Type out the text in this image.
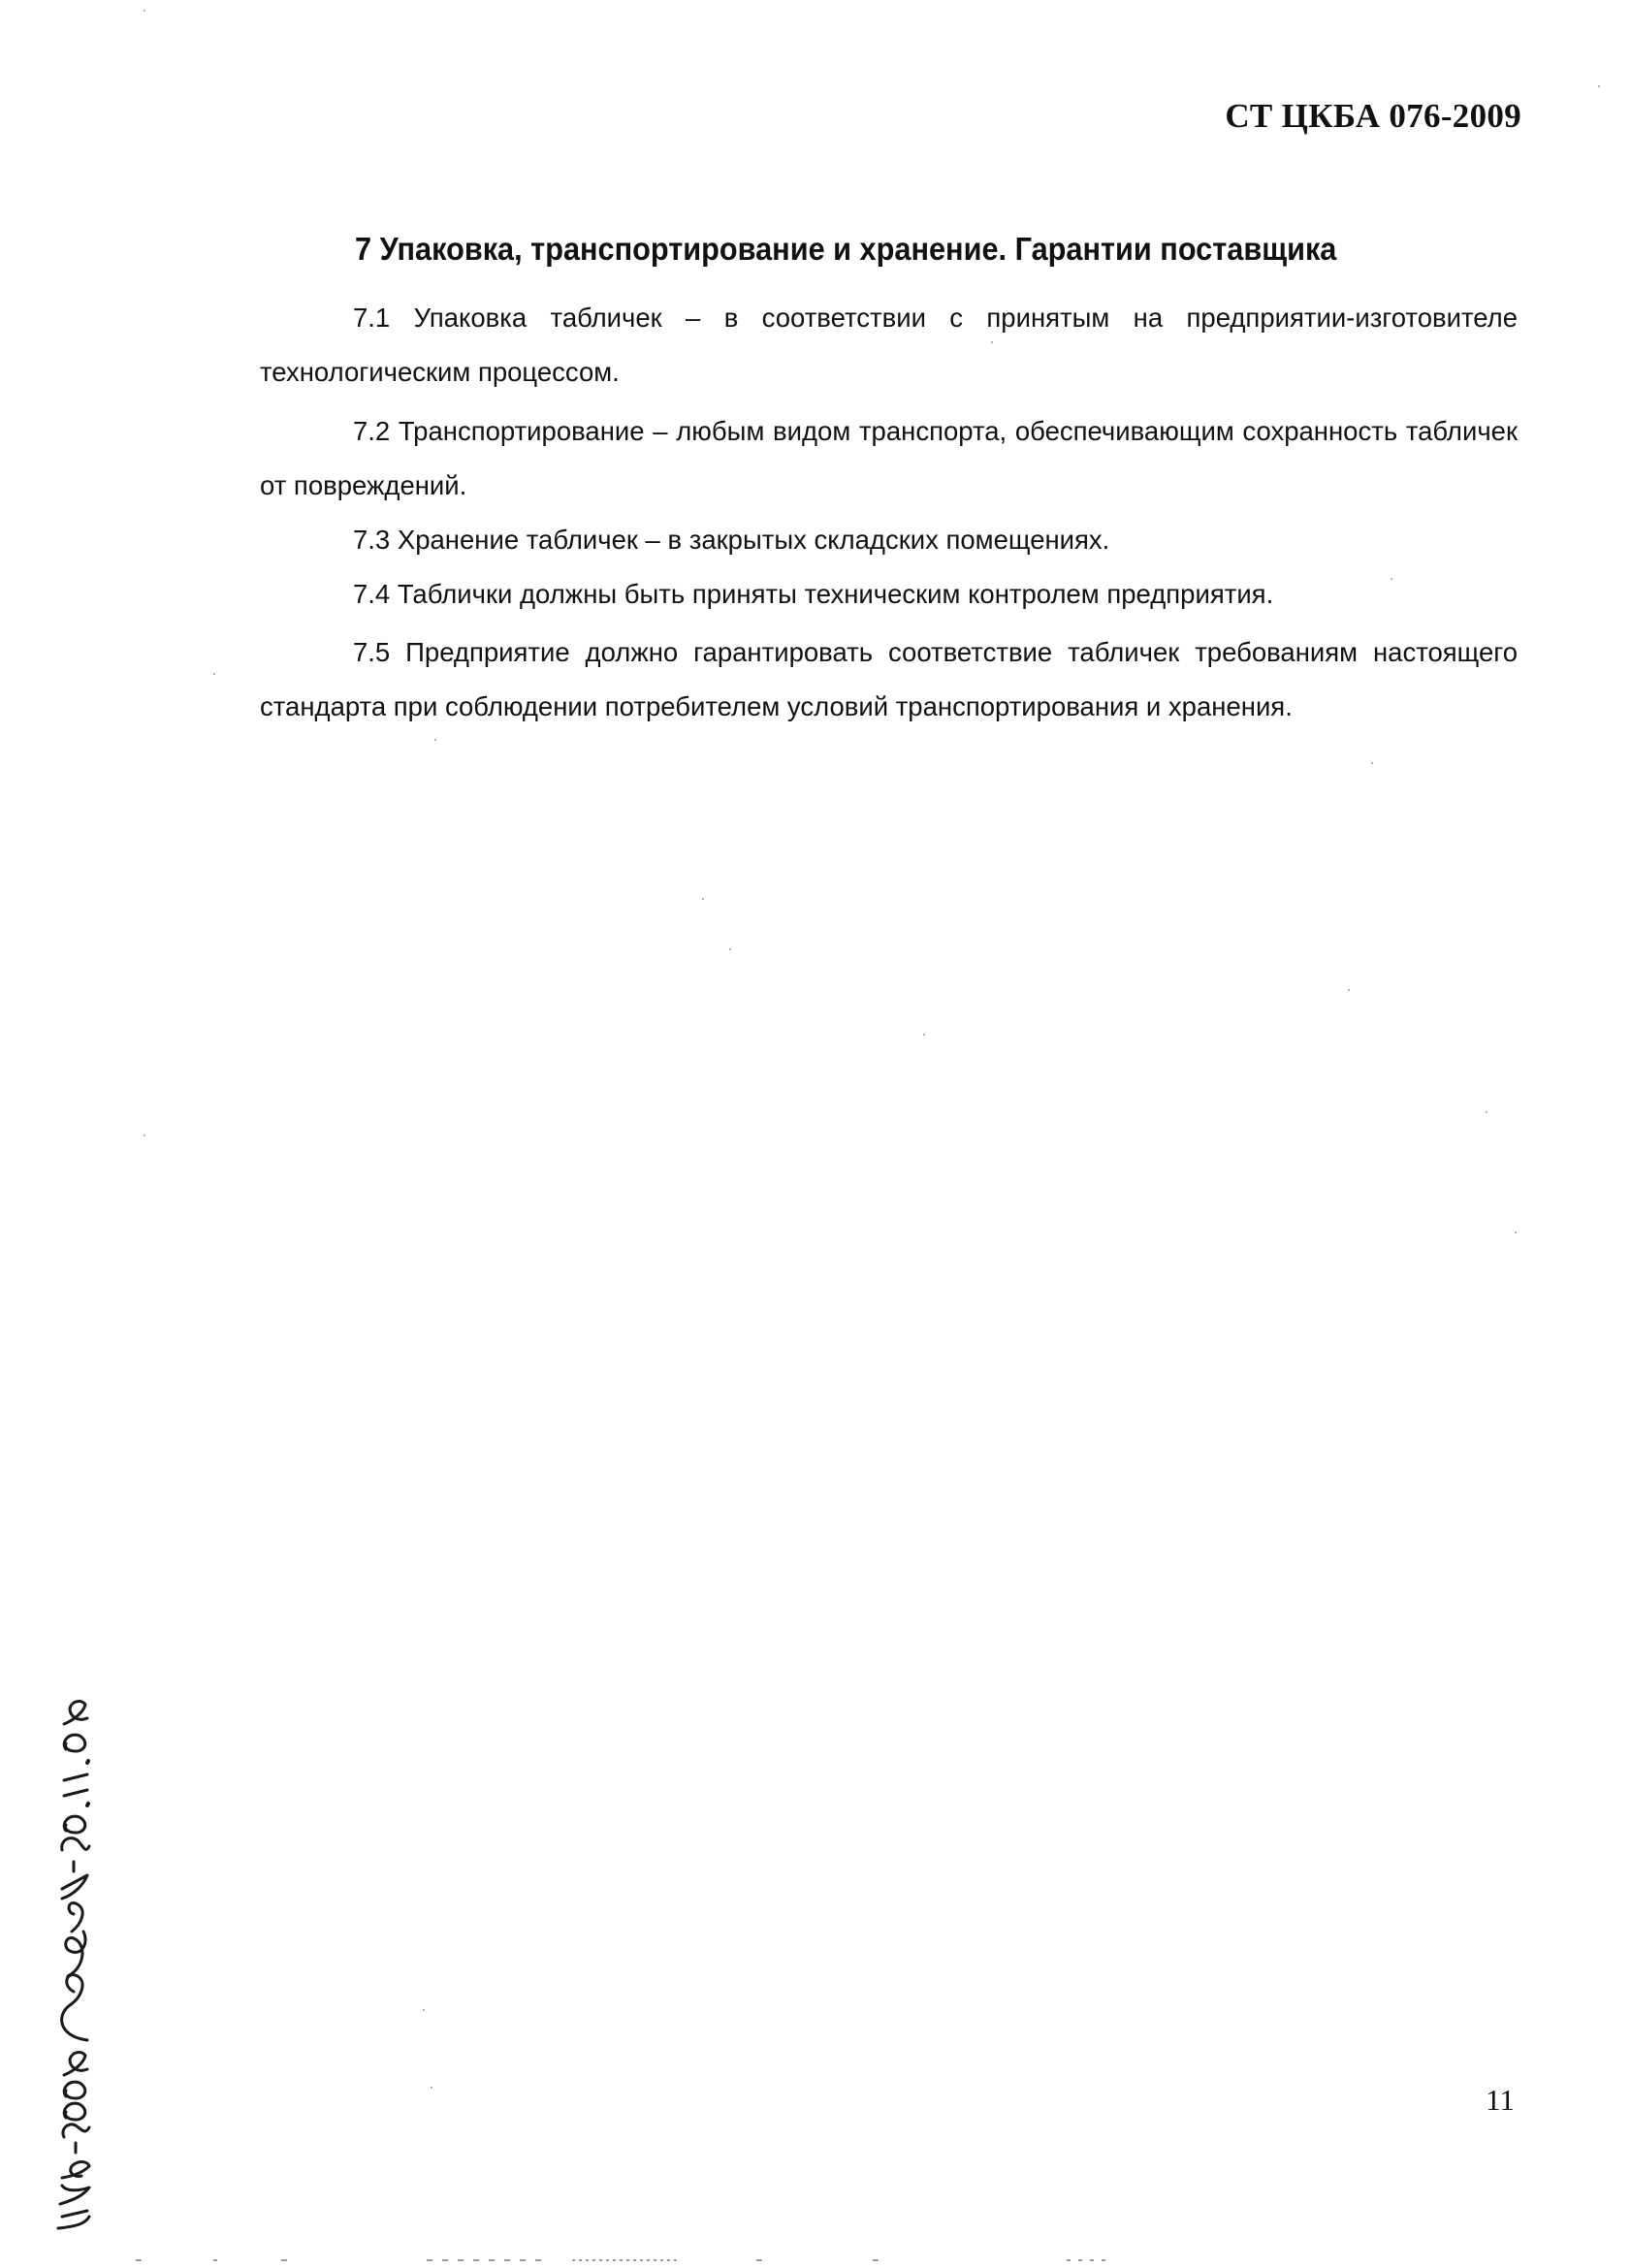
СТ ЦКБА 076-2009
7 Упаковка, транспортирование и хранение. Гарантии поставщика

7.1 Упаковка табличек – в соответствии с принятым на предприятии-изготовителе технологическим процессом.

7.2 Транспортирование – любым видом транспорта, обеспечивающим сохранность табличек от повреждений.

7.3 Хранение табличек – в закрытых складских помещениях.

7.4 Таблички должны быть приняты техническим контролем предприятия.

7.5 Предприятие должно гарантировать соответствие табличек требованиям настоящего стандарта при соблюдении потребителем условий транспортирования и хранения.

11
